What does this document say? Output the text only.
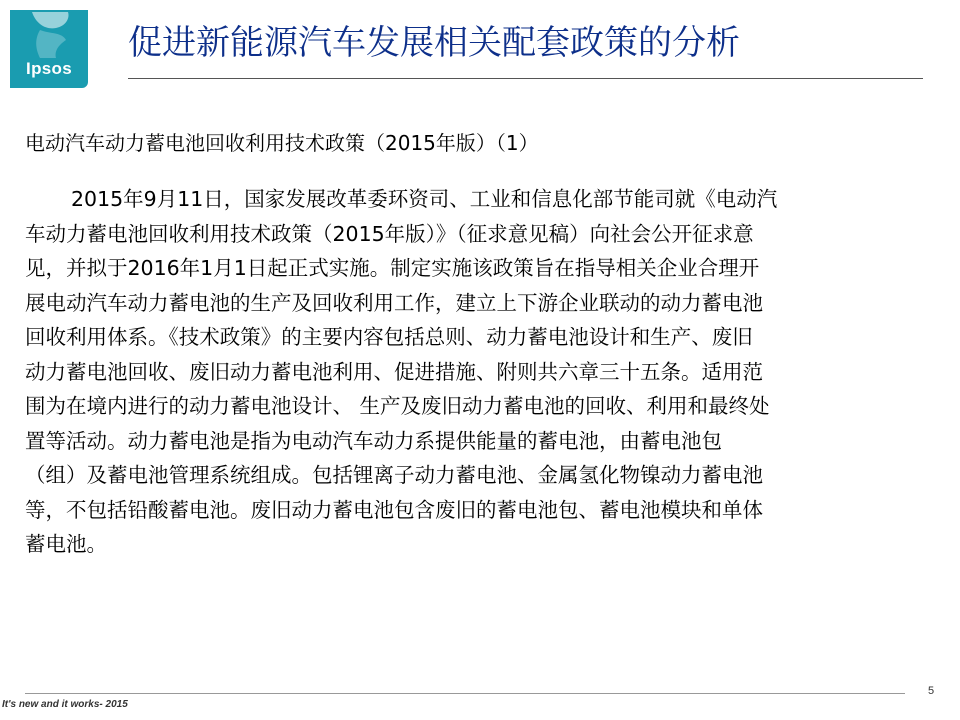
Ipsos
促进新能源汽车发展相关配套政策的分析
电动汽车动力蓄电池回收利用技术政策（2015年版）（1）
2015年9月11日，国家发展改革委环资司、工业和信息化部节能司就《电动汽
车动力蓄电池回收利用技术政策（2015年版）》（征求意见稿）向社会公开征求意
见，并拟于2016年1月1日起正式实施。制定实施该政策旨在指导相关企业合理开
展电动汽车动力蓄电池的生产及回收利用工作，建立上下游企业联动的动力蓄电池
回收利用体系。《技术政策》的主要内容包括总则、动力蓄电池设计和生产、废旧
动力蓄电池回收、废旧动力蓄电池利用、促进措施、附则共六章三十五条。适用范
围为在境内进行的动力蓄电池设计、 生产及废旧动力蓄电池的回收、利用和最终处
置等活动。动力蓄电池是指为电动汽车动力系提供能量的蓄电池，由蓄电池包
（组）及蓄电池管理系统组成。包括锂离子动力蓄电池、金属氢化物镍动力蓄电池
等，不包括铅酸蓄电池。废旧动力蓄电池包含废旧的蓄电池包、蓄电池模块和单体
蓄电池。
It's new and it works- 2015
5
